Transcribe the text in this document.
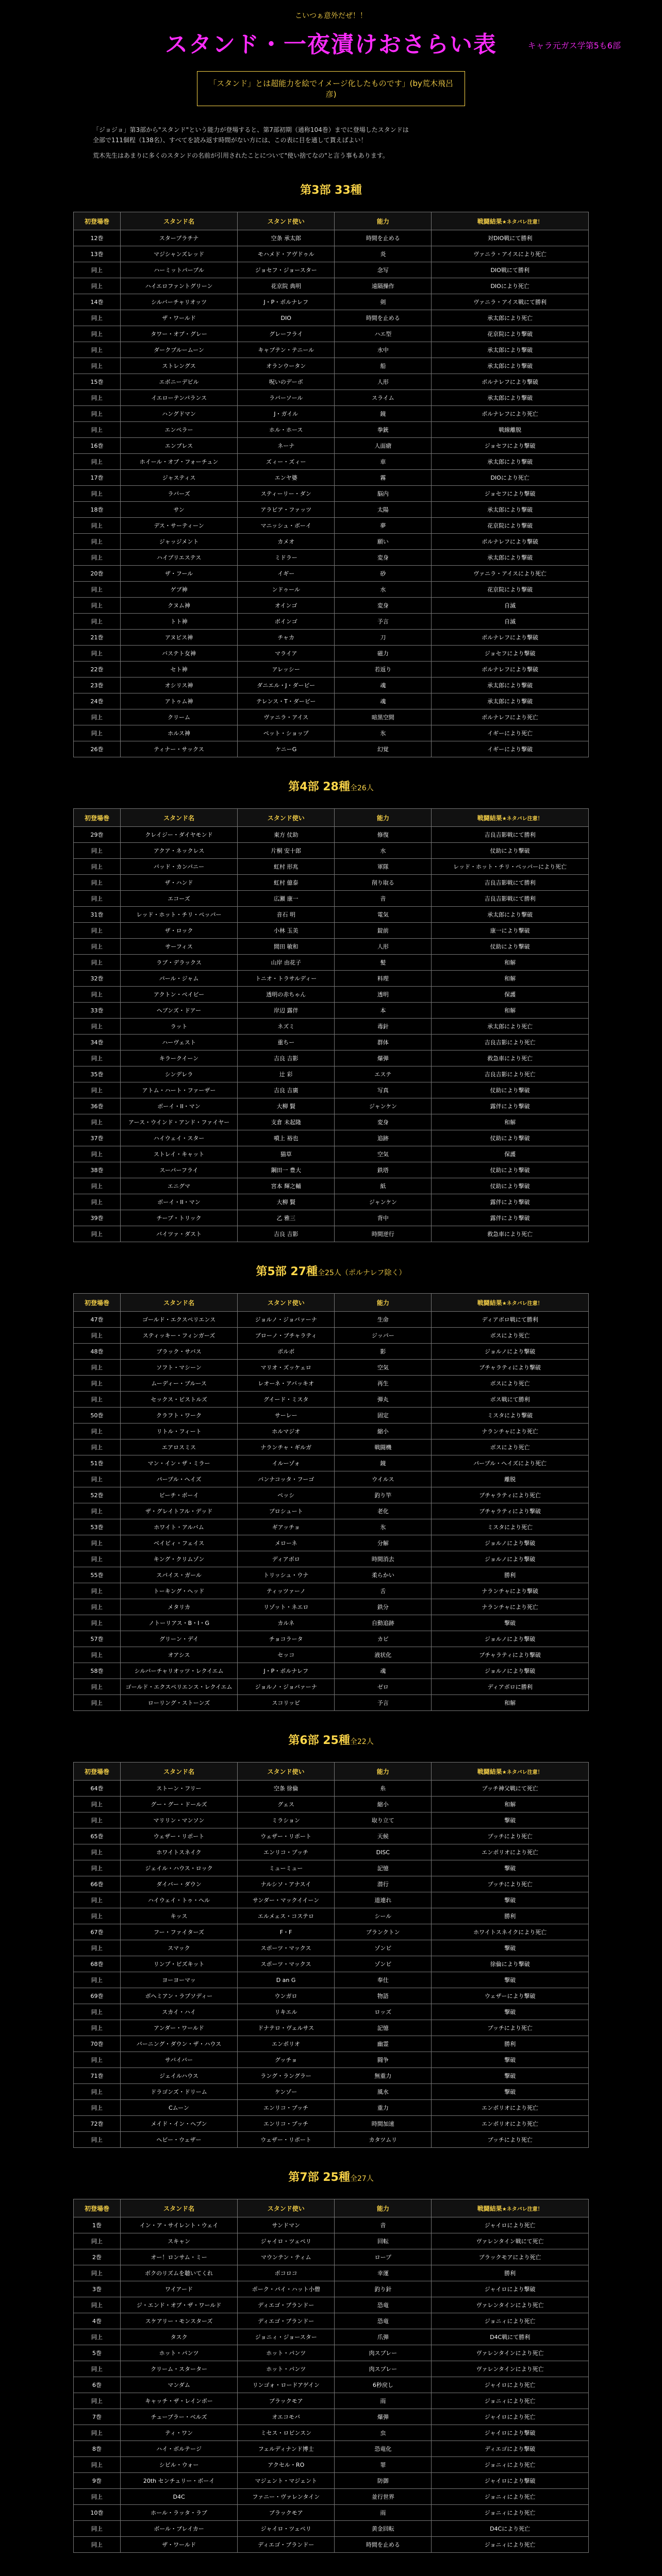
こいつぁ意外だぜ！！
スタンド・一夜漬けおさらい表	キャラ元ガス学第5も6部
「スタンド」とは超能力を絵でイメージ化したものです」(by荒木飛呂彦)
「ジョジョ」第3部から"スタンド"という能力が登場すると、第7部初期（通称104巻）までに登場したスタンドは
全部で111個程（138名）、すべてを読み返す時間がない方には、この表に目を通して貰えばよい！
荒木先生はあまりに多くのスタンドの名前が引用されたことについて"使い捨てなの"と言う事もあります。
第3部 33種
初登場巻	スタンド名	スタンド使い	能力	戦闘結果★ネタバレ注意！
12巻	スタープラチナ	空条 承太郎	時間を止める	対DIO戦にて勝利
13巻	マジシャンズレッド	モハメド・アヴドゥル	炎	ヴァニラ・アイスにより死亡
同上	ハーミットパープル	ジョセフ・ジョースター	念写	DIO戦にて勝利
同上	ハイエロファントグリーン	花京院 典明	遠隔操作	DIOにより死亡
14巻	シルバーチャリオッツ	J・P・ポルナレフ	剣	ヴァニラ・アイス戦にて勝利
同上	ザ・ワールド	DIO	時間を止める	承太郎により死亡
同上	タワー・オブ・グレー	グレーフライ	ハエ型	花京院により撃破
同上	ダークブルームーン	キャプテン・テニール	水中	承太郎により撃破
同上	ストレングス	オランウータン	船	承太郎により撃破
15巻	エボニーデビル	呪いのデーボ	人形	ポルナレフにより撃破
同上	イエローテンパランス	ラバーソール	スライム	承太郎により撃破
同上	ハングドマン	J・ガイル	鏡	ポルナレフにより死亡
同上	エンペラー	ホル・ホース	拳銃	戦線離脱
16巻	エンプレス	ネーナ	人面瘡	ジョセフにより撃破
同上	ホイール・オブ・フォーチュン	ズィー・ズィー	車	承太郎により撃破
17巻	ジャスティス	エンヤ婆	霧	DIOにより死亡
同上	ラバーズ	スティーリー・ダン	脳内	ジョセフにより撃破
18巻	サン	アラビア・ファッツ	太陽	承太郎により撃破
同上	デス・サーティーン	マニッシュ・ボーイ	夢	花京院により撃破
同上	ジャッジメント	カメオ	願い	ポルナレフにより撃破
同上	ハイプリエステス	ミドラー	変身	承太郎により撃破
20巻	ザ・フール	イギー	砂	ヴァニラ・アイスにより死亡
同上	ゲブ神	ンドゥール	水	花京院により撃破
同上	クヌム神	オインゴ	変身	自滅
同上	トト神	ボインゴ	予言	自滅
21巻	アヌビス神	チャカ	刀	ポルナレフにより撃破
同上	バステト女神	マライア	磁力	ジョセフにより撃破
22巻	セト神	アレッシー	若返り	ポルナレフにより撃破
23巻	オシリス神	ダニエル・J・ダービー	魂	承太郎により撃破
24巻	アトゥム神	テレンス・T・ダービー	魂	承太郎により撃破
同上	クリーム	ヴァニラ・アイス	暗黒空間	ポルナレフにより死亡
同上	ホルス神	ペット・ショップ	氷	イギーにより死亡
26巻	ティナー・サックス	ケニーG	幻覚	イギーにより撃破
第4部 28種全26人
初登場巻	スタンド名	スタンド使い	能力	戦闘結果★ネタバレ注意！
29巻	クレイジー・ダイヤモンド	東方 仗助	修復	吉良吉影戦にて勝利
同上	アクア・ネックレス	片桐 安十郎	水	仗助により撃破
同上	バッド・カンパニー	虹村 形兆	軍隊	レッド・ホット・チリ・ペッパーにより死亡
同上	ザ・ハンド	虹村 億泰	削り取る	吉良吉影戦にて勝利
同上	エコーズ	広瀬 康一	音	吉良吉影戦にて勝利
31巻	レッド・ホット・チリ・ペッパー	音石 明	電気	承太郎により撃破
同上	ザ・ロック	小林 玉美	錠前	康一により撃破
同上	サーフィス	間田 敏和	人形	仗助により撃破
同上	ラブ・デラックス	山岸 由花子	髪	和解
32巻	パール・ジャム	トニオ・トラサルディー	料理	和解
同上	アクトン・ベイビー	透明の赤ちゃん	透明	保護
33巻	ヘブンズ・ドアー	岸辺 露伴	本	和解
同上	ラット	ネズミ	毒針	承太郎により死亡
34巻	ハーヴェスト	重ちー	群体	吉良吉影により死亡
同上	キラークイーン	吉良 吉影	爆弾	救急車により死亡
35巻	シンデレラ	辻 彩	エステ	吉良吉影により死亡
同上	アトム・ハート・ファーザー	吉良 吉廣	写真	仗助により撃破
36巻	ボーイ・II・マン	大柳 賢	ジャンケン	露伴により撃破
同上	アース・ウインド・アンド・ファイヤー	支倉 未起隆	変身	和解
37巻	ハイウェイ・スター	噴上 裕也	追跡	仗助により撃破
同上	ストレイ・キャット	猫草	空気	保護
38巻	スーパーフライ	鋼田一 豊大	鉄塔	仗助により撃破
同上	エニグマ	宮本 輝之輔	紙	仗助により撃破
同上	ボーイ・II・マン	大柳 賢	ジャンケン	露伴により撃破
39巻	チープ・トリック	乙 雅三	背中	露伴により撃破
同上	バイツァ・ダスト	吉良 吉影	時間逆行	救急車により死亡
第5部 27種全25人（ポルナレフ除く）
初登場巻	スタンド名	スタンド使い	能力	戦闘結果★ネタバレ注意！
47巻	ゴールド・エクスペリエンス	ジョルノ・ジョバァーナ	生命	ディアボロ戦にて勝利
同上	スティッキー・フィンガーズ	ブローノ・ブチャラティ	ジッパー	ボスにより死亡
48巻	ブラック・サバス	ポルポ	影	ジョルノにより撃破
同上	ソフト・マシーン	マリオ・ズッケェロ	空気	ブチャラティにより撃破
同上	ムーディー・ブルース	レオーネ・アバッキオ	再生	ボスにより死亡
同上	セックス・ピストルズ	グイード・ミスタ	弾丸	ボス戦にて勝利
50巻	クラフト・ワーク	サーレー	固定	ミスタにより撃破
同上	リトル・フィート	ホルマジオ	縮小	ナランチャにより死亡
同上	エアロスミス	ナランチャ・ギルガ	戦闘機	ボスにより死亡
51巻	マン・イン・ザ・ミラー	イルーゾォ	鏡	パープル・ヘイズにより死亡
同上	パープル・ヘイズ	パンナコッタ・フーゴ	ウイルス	離脱
52巻	ビーチ・ボーイ	ペッシ	釣り竿	ブチャラティにより死亡
同上	ザ・グレイトフル・デッド	プロシュート	老化	ブチャラティにより撃破
53巻	ホワイト・アルバム	ギアッチョ	氷	ミスタにより死亡
同上	ベイビィ・フェイス	メローネ	分解	ジョルノにより撃破
同上	キング・クリムゾン	ディアボロ	時間消去	ジョルノにより撃破
55巻	スパイス・ガール	トリッシュ・ウナ	柔らかい	勝利
同上	トーキング・ヘッド	ティッツァーノ	舌	ナランチャにより撃破
同上	メタリカ	リゾット・ネエロ	鉄分	ナランチャにより死亡
同上	ノトーリアス・B・I・G	カルネ	自動追跡	撃破
57巻	グリーン・デイ	チョコラータ	カビ	ジョルノにより撃破
同上	オアシス	セッコ	液状化	ブチャラティにより撃破
58巻	シルバーチャリオッツ・レクイエム	J・P・ポルナレフ	魂	ジョルノにより撃破
同上	ゴールド・エクスペリエンス・レクイエム	ジョルノ・ジョバァーナ	ゼロ	ディアボロに勝利
同上	ローリング・ストーンズ	スコリッピ	予言	和解
第6部 25種全22人
初登場巻	スタンド名	スタンド使い	能力	戦闘結果★ネタバレ注意！
64巻	ストーン・フリー	空条 徐倫	糸	プッチ神父戦にて死亡
同上	グー・グー・ドールズ	グェス	縮小	和解
同上	マリリン・マンソン	ミラション	取り立て	撃破
65巻	ウェザー・リポート	ウェザー・リポート	天候	プッチにより死亡
同上	ホワイトスネイク	エンリコ・プッチ	DISC	エンポリオにより死亡
同上	ジェイル・ハウス・ロック	ミューミュー	記憶	撃破
66巻	ダイバー・ダウン	ナルシソ・アナスイ	潜行	プッチにより死亡
同上	ハイウェイ・トゥ・ヘル	サンダー・マックイイーン	道連れ	撃破
同上	キッス	エルメェス・コステロ	シール	勝利
67巻	フー・ファイターズ	F・F	プランクトン	ホワイトスネイクにより死亡
同上	スマック	スポーツ・マックス	ゾンビ	撃破
68巻	リンプ・ビズキット	スポーツ・マックス	ゾンビ	徐倫により撃破
同上	ヨーヨーマッ	D an G	奉仕	撃破
69巻	ボヘミアン・ラプソディー	ウンガロ	物語	ウェザーにより撃破
同上	スカイ・ハイ	リキエル	ロッズ	撃破
同上	アンダー・ワールド	ドナテロ・ヴェルサス	記憶	プッチにより死亡
70巻	バーニング・ダウン・ザ・ハウス	エンポリオ	幽霊	勝利
同上	サバイバー	グッチョ	闘争	撃破
71巻	ジェイルハウス	ラング・ラングラー	無重力	撃破
同上	ドラゴンズ・ドリーム	ケンゾー	風水	撃破
同上	Cムーン	エンリコ・プッチ	重力	エンポリオにより死亡
72巻	メイド・イン・ヘブン	エンリコ・プッチ	時間加速	エンポリオにより死亡
同上	ヘビー・ウェザー	ウェザー・リポート	カタツムリ	プッチにより死亡
第7部 25種全27人
初登場巻	スタンド名	スタンド使い	能力	戦闘結果★ネタバレ注意！
1巻	イン・ア・サイレント・ウェイ	サンドマン	音	ジャイロにより死亡
同上	スキャン	ジャイロ・ツェペリ	回転	ヴァレンタイン戦にて死亡
2巻	オー！ロンサム・ミー	マウンテン・ティム	ロープ	ブラックモアにより死亡
同上	ボクのリズムを聴いてくれ	ポコロコ	幸運	勝利
3巻	ワイアード	ポーク・パイ・ハット小僧	釣り針	ジャイロにより撃破
同上	ジ・エンド・オブ・ザ・ワールド	ディエゴ・ブランドー	恐竜	ヴァレンタインにより死亡
4巻	スケアリー・モンスターズ	ディエゴ・ブランドー	恐竜	ジョニィにより死亡
同上	タスク	ジョニィ・ジョースター	爪弾	D4C戦にて勝利
5巻	ホット・パンツ	ホット・パンツ	肉スプレー	ヴァレンタインにより死亡
同上	クリーム・スターター	ホット・パンツ	肉スプレー	ヴァレンタインにより死亡
6巻	マンダム	リンゴォ・ロードアゲイン	6秒戻し	ジャイロにより死亡
同上	キャッチ・ザ・レインボー	ブラックモア	雨	ジョニィにより死亡
7巻	チューブラー・ベルズ	オエコモバ	爆弾	ジャイロにより死亡
同上	ティ・ワン	ミセス・ロビンスン	虫	ジャイロにより撃破
8巻	ハイ・ボルテージ	フェルディナンド博士	恐竜化	ディエゴにより撃破
同上	シビル・ウォー	アクセル・RO	罪	ジョニィにより死亡
9巻	20th センチュリー・ボーイ	マジェント・マジェント	防御	ジャイロにより撃破
同上	D4C	ファニー・ヴァレンタイン	並行世界	ジョニィにより死亡
10巻	ホール・ラッタ・ラブ	ブラックモア	雨	ジョニィにより死亡
同上	ボール・ブレイカー	ジャイロ・ツェペリ	黄金回転	D4Cにより死亡
同上	ザ・ワールド	ディエゴ・ブランドー	時間を止める	ジョニィにより死亡
